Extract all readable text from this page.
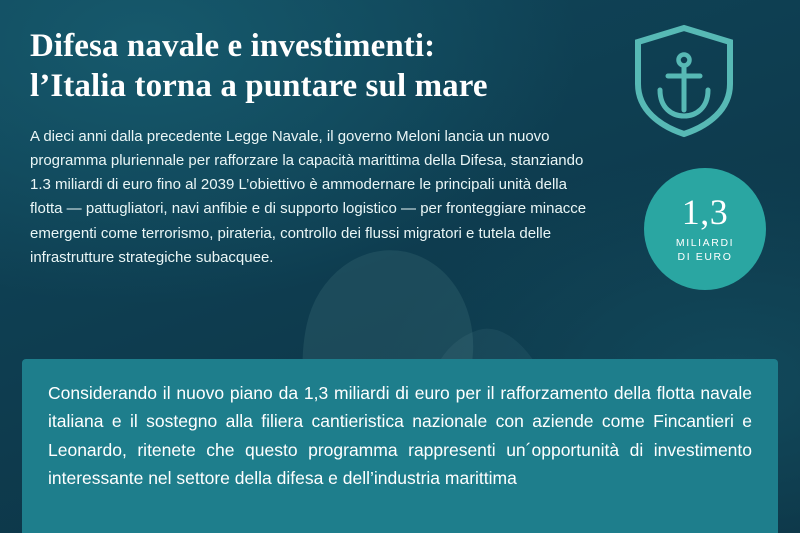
1,3
MILIARDI
DI EURO
Difesa navale e investimenti:
l’Italia torna a puntare sul mare

A dieci anni dalla precedente Legge Navale, il governo Meloni lancia un nuovo programma pluriennale per rafforzare la capacità marittima della Difesa, stanziando 1.3 miliardi di euro fino al 2039 L’obiettivo è ammodernare le principali unità della flotta — pattugliatori, navi anfibie e di supporto logistico — per fronteggiare minacce emergenti come terrorismo, pirateria, controllo dei flussi migratori e tutela delle infrastrutture strategiche subacquee.

Considerando il nuovo piano da 1,3 miliardi di euro per il rafforzamento della flotta navale italiana e il sostegno alla filiera cantieristica nazionale con aziende come Fincantieri e Leonardo, ritenete che questo programma rappresenti un´opportunità di investimento interessante nel settore della difesa e dell’industria marittima
